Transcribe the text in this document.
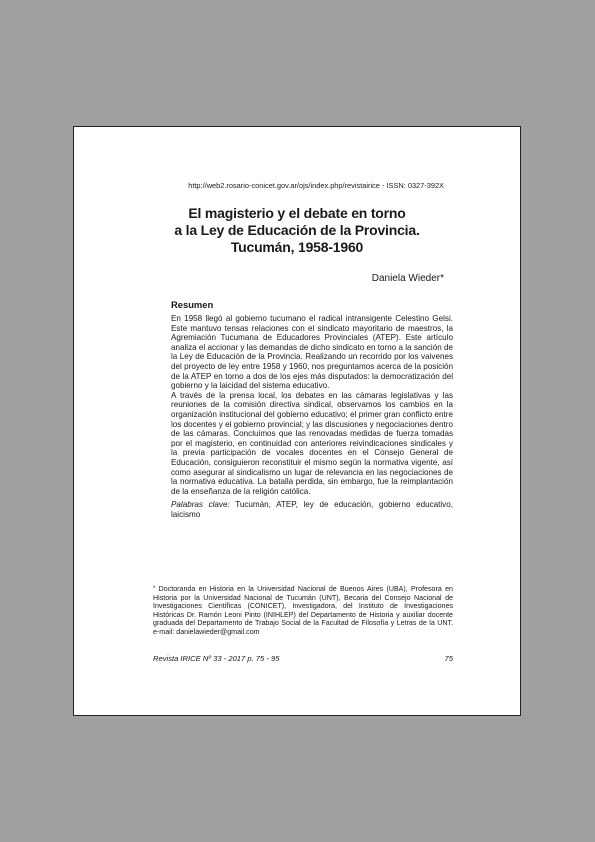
http://web2.rosario-conicet.gov.ar/ojs/index.php/revistairice - ISSN: 0327-392X
El magisterio y el debate en torno
a la Ley de Educación de la Provincia.
Tucumán, 1958-1960
Daniela Wieder*
Resumen

En 1958 llegó al gobierno tucumano el radical intransigente Celestino Gelsi. Este mantuvo tensas relaciones con el sindicato mayoritario de maestros, la Agremiación Tucumana de Educadores Provinciales (ATEP). Este artículo analiza el accionar y las demandas de dicho sindicato en torno a la sanción de la Ley de Educación de la Provincia. Realizando un recorrido por los vaivenes del proyecto de ley entre 1958 y 1960, nos preguntamos acerca de la posición de la ATEP en torno a dos de los ejes más disputados: la democratización del gobierno y la laicidad del sistema educativo.

A través de la prensa local, los debates en las cámaras legislativas y las reuniones de la comisión directiva sindical, observamos los cambios en la organización institucional del gobierno educativo; el primer gran conflicto entre los docentes y el gobierno provincial; y las discusiones y negociaciones dentro de las cámaras. Concluimos que las renovadas medidas de fuerza tomadas por el magisterio, en continuidad con anteriores reivindicaciones sindicales y la previa participación de vocales docentes en el Consejo General de Educación, consiguieron reconstituir el mismo según la normativa vigente, así como asegurar al sindicalismo un lugar de relevancia en las negociaciones de la normativa educativa. La batalla perdida, sin embargo, fue la reimplantación de la enseñanza de la religión católica.

Palabras clave: Tucumán, ATEP, ley de educación, gobierno educativo, laicismo

* Doctoranda en Historia en la Universidad Nacional de Buenos Aires (UBA), Profesora en Historia por la Universidad Nacional de Tucumán (UNT), Becaria del Consejo Nacional de Investigaciones Científicas (CONICET), Investigadora, del Instituto de Investigaciones Históricas Dr. Ramón Leoni Pinto (INIHLEP) del Departamento de Historia y auxiliar docente graduada del Departamento de Trabajo Social de la Facultad de Filosofía y Letras de la UNT. e-mail: danielawieder@gmail.com
Revista IRICE Nº 33 - 2017 p. 75 - 95	75
